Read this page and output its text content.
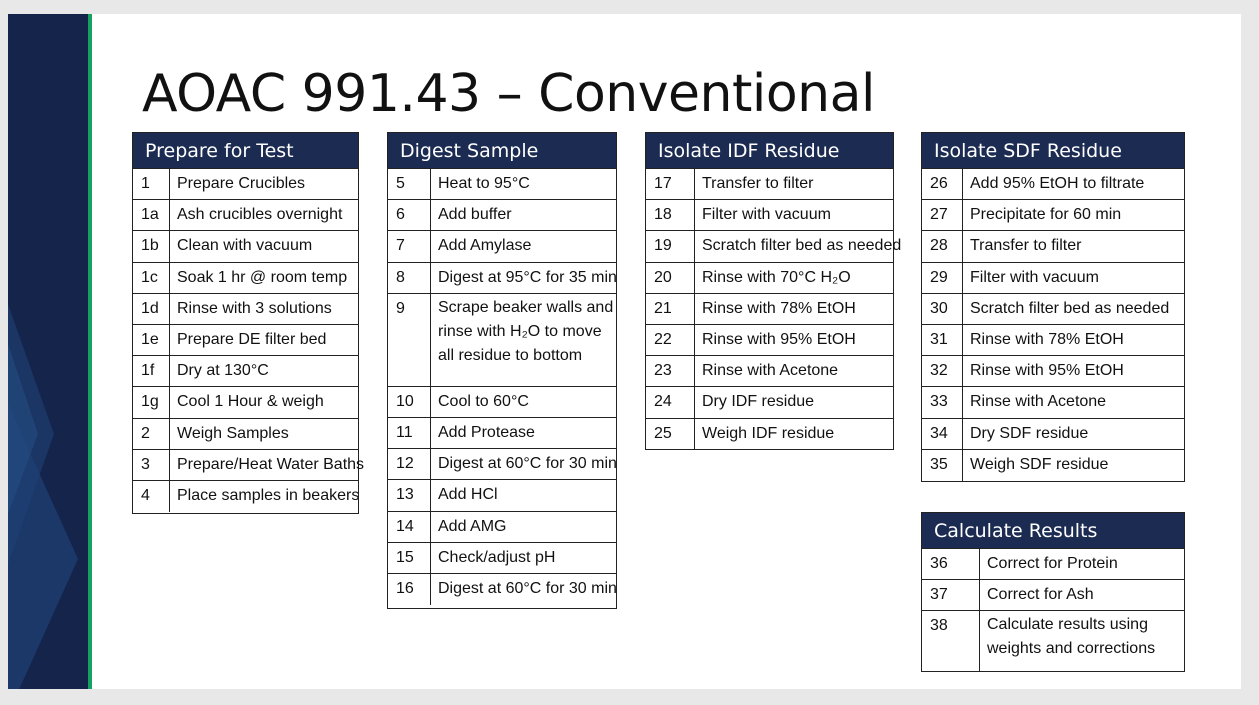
AOAC 991.43 – Conventional
Prepare for Test
1	Prepare Crucibles
1a	Ash crucibles overnight
1b	Clean with vacuum
1c	Soak 1 hr @ room temp
1d	Rinse with 3 solutions
1e	Prepare DE filter bed
1f	Dry at 130°C
1g	Cool 1 Hour & weigh
2	Weigh Samples
3	Prepare/Heat Water Baths
4	Place samples in beakers
Digest Sample
5	Heat to 95°C
6	Add buffer
7	Add Amylase
8	Digest at 95°C for 35 min
9	Scrape beaker walls and rinse with H₂O to move all residue to bottom
10	Cool to 60°C
11	Add Protease
12	Digest at 60°C for 30 min
13	Add HCl
14	Add AMG
15	Check/adjust pH
16	Digest at 60°C for 30 min
Isolate IDF Residue
17	Transfer to filter
18	Filter with vacuum
19	Scratch filter bed as needed
20	Rinse with 70°C H₂O
21	Rinse with 78% EtOH
22	Rinse with 95% EtOH
23	Rinse with Acetone
24	Dry IDF residue
25	Weigh IDF residue
Isolate SDF Residue
26	Add 95% EtOH to filtrate
27	Precipitate for 60 min
28	Transfer to filter
29	Filter with vacuum
30	Scratch filter bed as needed
31	Rinse with 78% EtOH
32	Rinse with 95% EtOH
33	Rinse with Acetone
34	Dry SDF residue
35	Weigh SDF residue
Calculate Results
36	Correct for Protein
37	Correct for Ash
38	Calculate results using weights and corrections
